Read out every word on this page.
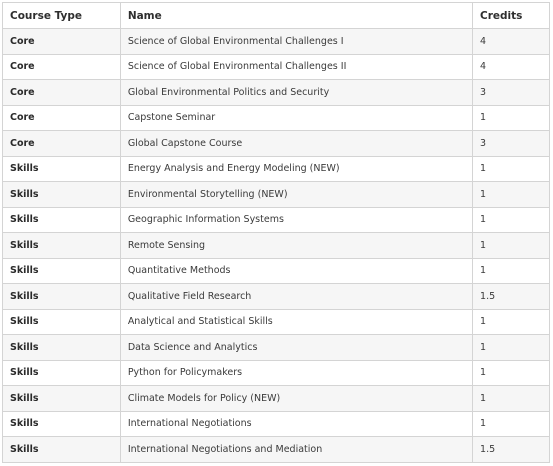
Course Type	Name	Credits
Core	Science of Global Environmental Challenges I	4
Core	Science of Global Environmental Challenges II	4
Core	Global Environmental Politics and Security	3
Core	Capstone Seminar	1
Core	Global Capstone Course	3
Skills	Energy Analysis and Energy Modeling (NEW)	1
Skills	Environmental Storytelling (NEW)	1
Skills	Geographic Information Systems	1
Skills	Remote Sensing	1
Skills	Quantitative Methods	1
Skills	Qualitative Field Research	1.5
Skills	Analytical and Statistical Skills	1
Skills	Data Science and Analytics	1
Skills	Python for Policymakers	1
Skills	Climate Models for Policy (NEW)	1
Skills	International Negotiations	1
Skills	International Negotiations and Mediation	1.5
